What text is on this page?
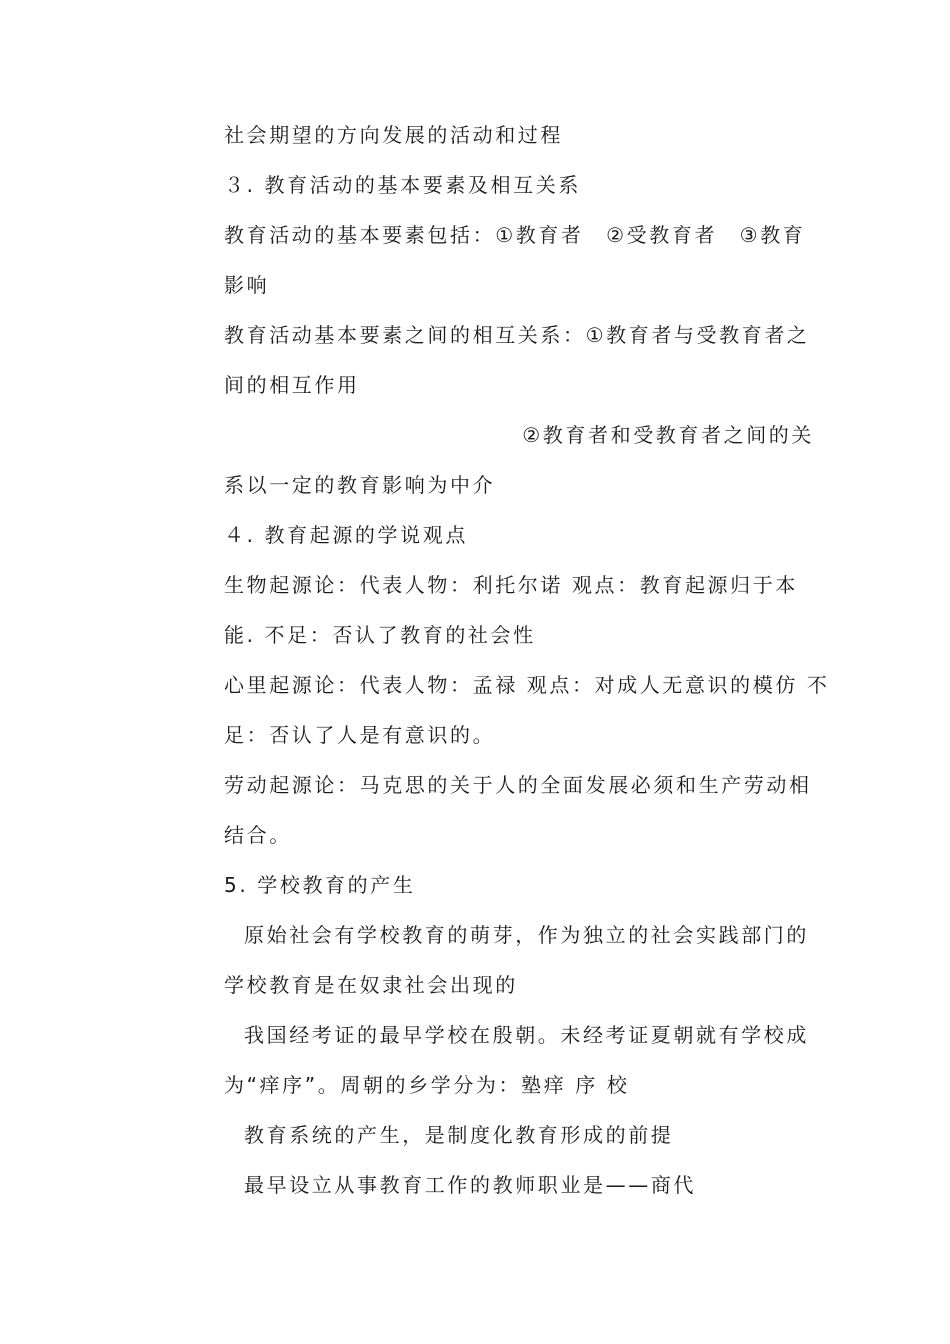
社会期望的方向发展的活动和过程
３. 教育活动的基本要素及相互关系
教育活动的基本要素包括：①教育者　②受教育者　③教育
影响
教育活动基本要素之间的相互关系：①教育者与受教育者之
间的相互作用
②教育者和受教育者之间的关
系以一定的教育影响为中介
４. 教育起源的学说观点
生物起源论：代表人物：利托尔诺 观点：教育起源归于本
能. 不足：否认了教育的社会性
心里起源论：代表人物：孟禄 观点：对成人无意识的模仿 不
足：否认了人是有意识的。
劳动起源论：马克思的关于人的全面发展必须和生产劳动相
结合。
5. 学校教育的产生
原始社会有学校教育的萌芽，作为独立的社会实践部门的
学校教育是在奴隶社会出现的
我国经考证的最早学校在殷朝。未经考证夏朝就有学校成
为“痒序”。周朝的乡学分为：塾痒 序 校
教育系统的产生，是制度化教育形成的前提
最早设立从事教育工作的教师职业是——商代
